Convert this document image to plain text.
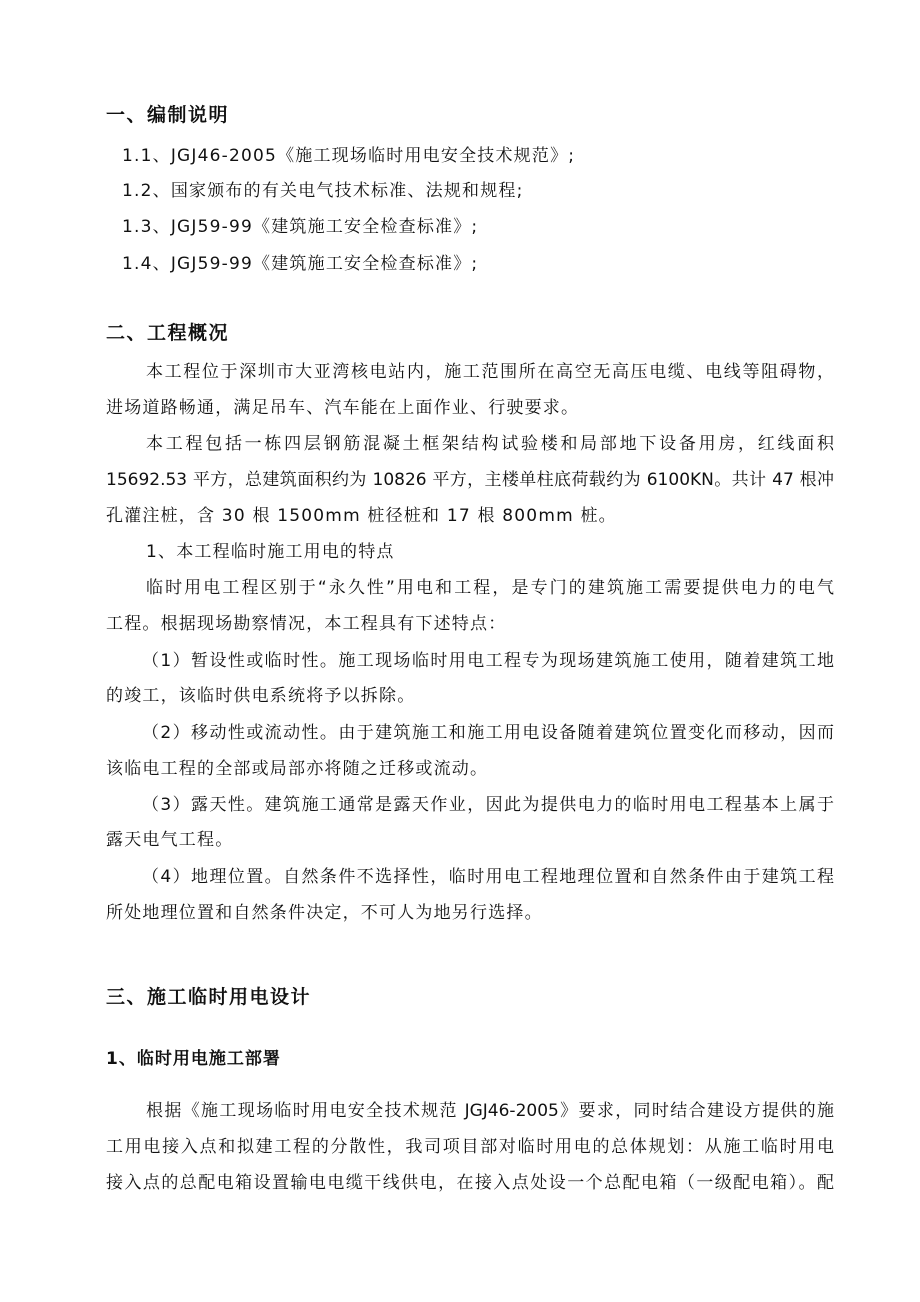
一、编制说明
1.1、JGJ46-2005《施工现场临时用电安全技术规范》;
1.2、国家颁布的有关电气技术标准、法规和规程;
1.3、JGJ59-99《建筑施工安全检查标准》;
1.4、JGJ59-99《建筑施工安全检查标准》;
二、工程概况
本工程位于深圳市大亚湾核电站内，施工范围所在高空无高压电缆、电线等阻碍物，
进场道路畅通，满足吊车、汽车能在上面作业、行驶要求。
本工程包括一栋四层钢筋混凝土框架结构试验楼和局部地下设备用房，红线面积
15692.53 平方，总建筑面积约为 10826 平方，主楼单柱底荷载约为 6100KN。共计 47 根冲
孔灌注桩，含 30 根 1500mm 桩径桩和 17 根 800mm 桩。
1、本工程临时施工用电的特点
临时用电工程区别于“永久性”用电和工程，是专门的建筑施工需要提供电力的电气
工程。根据现场勘察情况，本工程具有下述特点：
（1）暂设性或临时性。施工现场临时用电工程专为现场建筑施工使用，随着建筑工地
的竣工，该临时供电系统将予以拆除。
（2）移动性或流动性。由于建筑施工和施工用电设备随着建筑位置变化而移动，因而
该临电工程的全部或局部亦将随之迁移或流动。
（3）露天性。建筑施工通常是露天作业，因此为提供电力的临时用电工程基本上属于
露天电气工程。
（4）地理位置。自然条件不选择性，临时用电工程地理位置和自然条件由于建筑工程
所处地理位置和自然条件决定，不可人为地另行选择。
三、施工临时用电设计
1、临时用电施工部署
根据《施工现场临时用电安全技术规范 JGJ46-2005》要求，同时结合建设方提供的施
工用电接入点和拟建工程的分散性，我司项目部对临时用电的总体规划：从施工临时用电
接入点的总配电箱设置输电电缆干线供电，在接入点处设一个总配电箱（一级配电箱）。配
